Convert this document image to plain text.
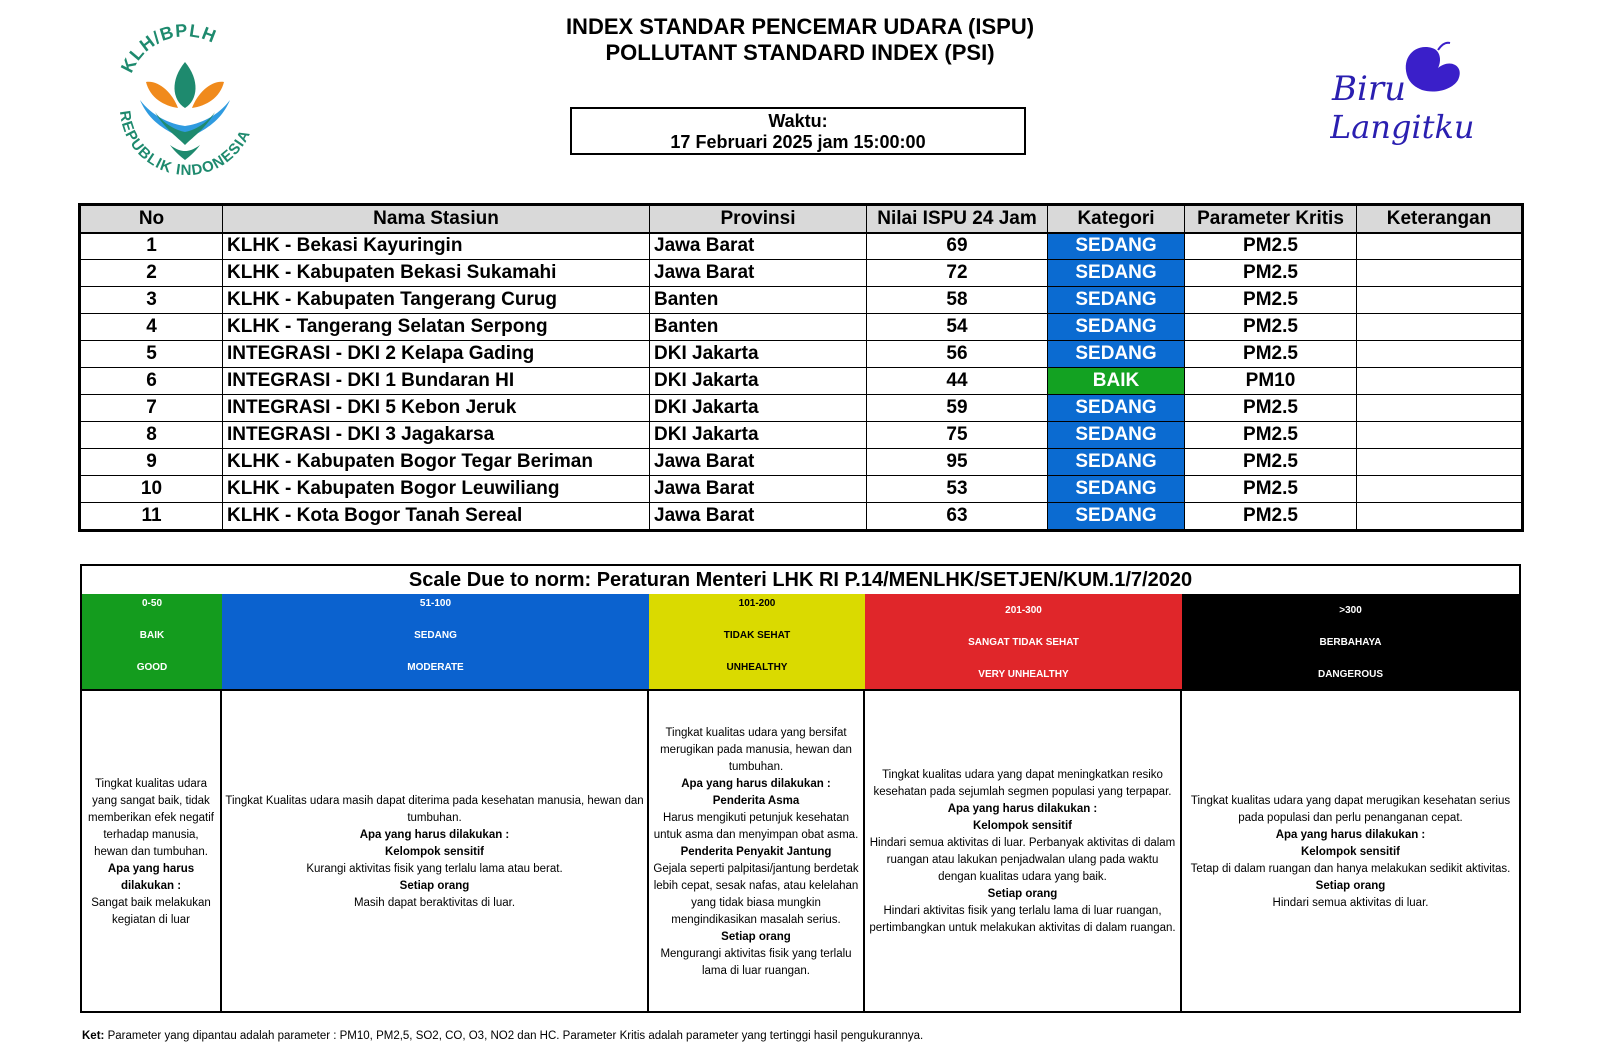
INDEX STANDAR PENCEMAR UDARA (ISPU)
POLLUTANT STANDARD INDEX (PSI)
Waktu:
17 Februari 2025 jam 15:00:00
KLH/BPLH
REPUBLIK INDONESIA
Biru
Langitku
No	Nama Stasiun	Provinsi	Nilai ISPU 24 Jam	Kategori	Parameter Kritis	Keterangan
1	KLHK - Bekasi Kayuringin	Jawa Barat	69	SEDANG	PM2.5	
2	KLHK - Kabupaten Bekasi Sukamahi	Jawa Barat	72	SEDANG	PM2.5	
3	KLHK - Kabupaten Tangerang Curug	Banten	58	SEDANG	PM2.5	
4	KLHK - Tangerang Selatan Serpong	Banten	54	SEDANG	PM2.5	
5	INTEGRASI - DKI 2 Kelapa Gading	DKI Jakarta	56	SEDANG	PM2.5	
6	INTEGRASI - DKI 1 Bundaran HI	DKI Jakarta	44	BAIK	PM10	
7	INTEGRASI - DKI 5 Kebon Jeruk	DKI Jakarta	59	SEDANG	PM2.5	
8	INTEGRASI - DKI 3 Jagakarsa	DKI Jakarta	75	SEDANG	PM2.5	
9	KLHK - Kabupaten Bogor Tegar Beriman	Jawa Barat	95	SEDANG	PM2.5	
10	KLHK - Kabupaten Bogor Leuwiliang	Jawa Barat	53	SEDANG	PM2.5	
11	KLHK - Kota Bogor Tanah Sereal	Jawa Barat	63	SEDANG	PM2.5	
Scale Due to norm: Peraturan Menteri LHK RI P.14/MENLHK/SETJEN/KUM.1/7/2020
0-50
BAIK
GOOD
51-100
SEDANG
MODERATE
101-200
TIDAK SEHAT
UNHEALTHY
201-300
SANGAT TIDAK SEHAT
VERY UNHEALTHY
>300
BERBAHAYA
DANGEROUS
Tingkat kualitas udara yang sangat baik, tidak memberikan efek negatif terhadap manusia, hewan dan tumbuhan.
Apa yang harus dilakukan :
Sangat baik melakukan kegiatan di luar
Tingkat Kualitas udara masih dapat diterima pada kesehatan manusia, hewan dan tumbuhan.
Apa yang harus dilakukan :
Kelompok sensitif
Kurangi aktivitas fisik yang terlalu lama atau berat.
Setiap orang
Masih dapat beraktivitas di luar.
Tingkat kualitas udara yang bersifat merugikan pada manusia, hewan dan tumbuhan.
Apa yang harus dilakukan :
Penderita Asma
Harus mengikuti petunjuk kesehatan untuk asma dan menyimpan obat asma.
Penderita Penyakit Jantung
Gejala seperti palpitasi/jantung berdetak lebih cepat, sesak nafas, atau kelelahan yang tidak biasa mungkin mengindikasikan masalah serius.
Setiap orang
Mengurangi aktivitas fisik yang terlalu lama di luar ruangan.
Tingkat kualitas udara yang dapat meningkatkan resiko kesehatan pada sejumlah segmen populasi yang terpapar.
Apa yang harus dilakukan :
Kelompok sensitif
Hindari semua aktivitas di luar. Perbanyak aktivitas di dalam ruangan atau lakukan penjadwalan ulang pada waktu dengan kualitas udara yang baik.
Setiap orang
Hindari aktivitas fisik yang terlalu lama di luar ruangan, pertimbangkan untuk melakukan aktivitas di dalam ruangan.
Tingkat kualitas udara yang dapat merugikan kesehatan serius pada populasi dan perlu penanganan cepat.
Apa yang harus dilakukan :
Kelompok sensitif
Tetap di dalam ruangan dan hanya melakukan sedikit aktivitas.
Setiap orang
Hindari semua aktivitas di luar.
Ket: Parameter yang dipantau adalah parameter : PM10, PM2,5, SO2, CO, O3, NO2 dan HC. Parameter Kritis adalah parameter yang tertinggi hasil pengukurannya.
